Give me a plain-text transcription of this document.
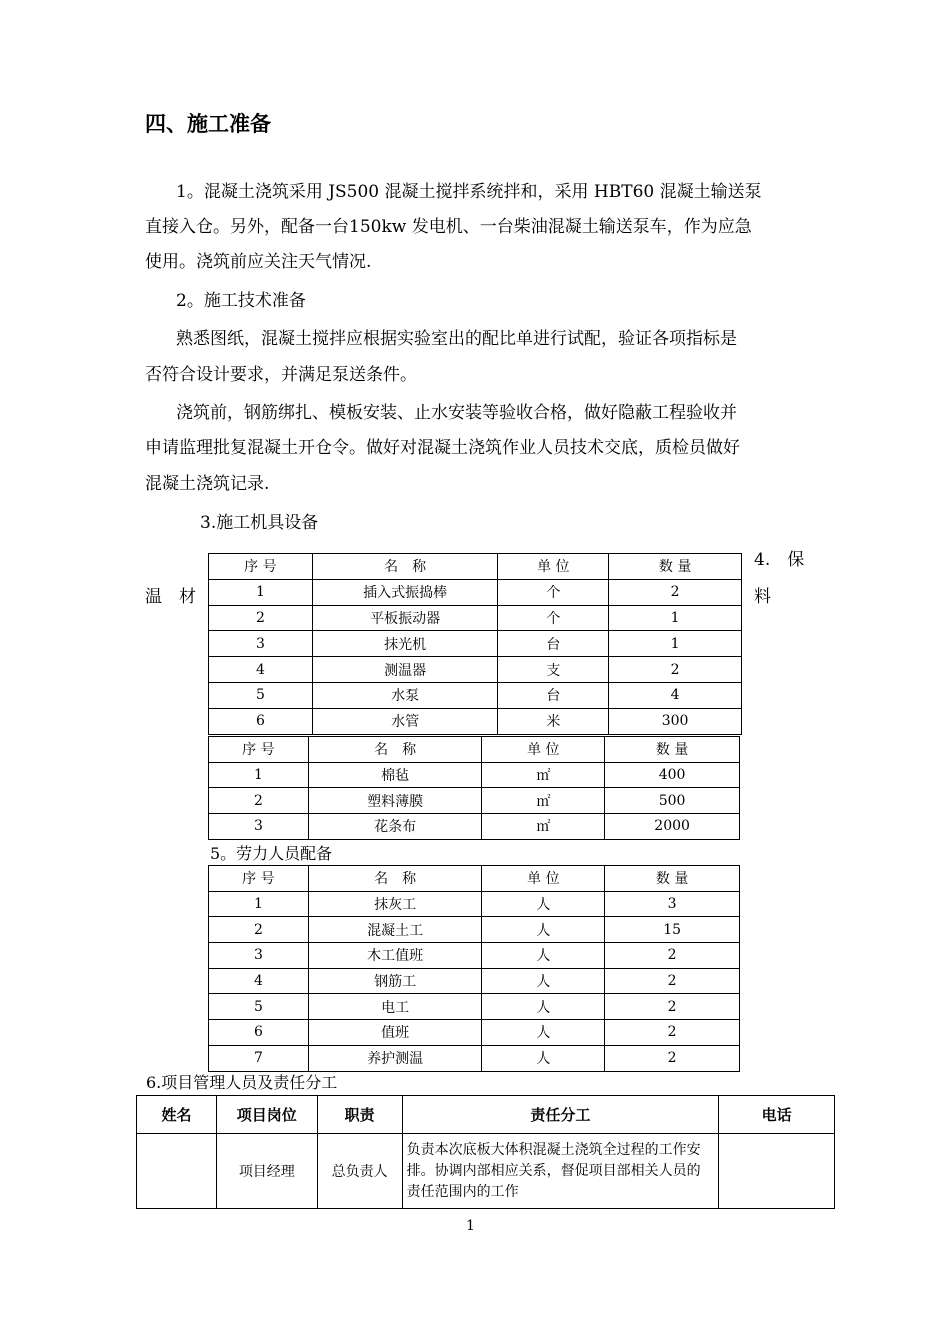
四、施工准备
1。混凝土浇筑采用 JS500 混凝土搅拌系统拌和，采用 HBT60 混凝土输送泵
直接入仓。另外，配备一台150kw 发电机、一台柴油混凝土输送泵车，作为应急
使用。浇筑前应关注天气情况.
2。施工技术准备
熟悉图纸，混凝土搅拌应根据实验室出的配比单进行试配，验证各项指标是
否符合设计要求，并满足泵送条件。
浇筑前，钢筋绑扎、模板安装、止水安装等验收合格，做好隐蔽工程验收并
申请监理批复混凝土开仓令。做好对混凝土浇筑作业人员技术交底，质检员做好
混凝土浇筑记录.
3.施工机具设备
4.　保
温　材	料
序 号	名　称	单 位	数 量
1	插入式振捣棒	个	2
2	平板振动器	个	1
3	抹光机	台	1
4	测温器	支	2
5	水泵	台	4
6	水管	米	300
序 号	名　称	单 位	数 量
1	棉毡	㎡	400
2	塑料薄膜	㎡	500
3	花条布	㎡	2000
5。劳力人员配备
序 号	名　称	单 位	数 量
1	抹灰工	人	3
2	混凝土工	人	15
3	木工值班	人	2
4	钢筋工	人	2
5	电工	人	2
6	值班	人	2
7	养护测温	人	2
6.项目管理人员及责任分工
姓名	项目岗位	职责	责任分工	电话
	项目经理	总负责人	负责本次底板大体积混凝土浇筑全过程的工作安排。协调内部相应关系，督促项目部相关人员的责任范围内的工作	
1
